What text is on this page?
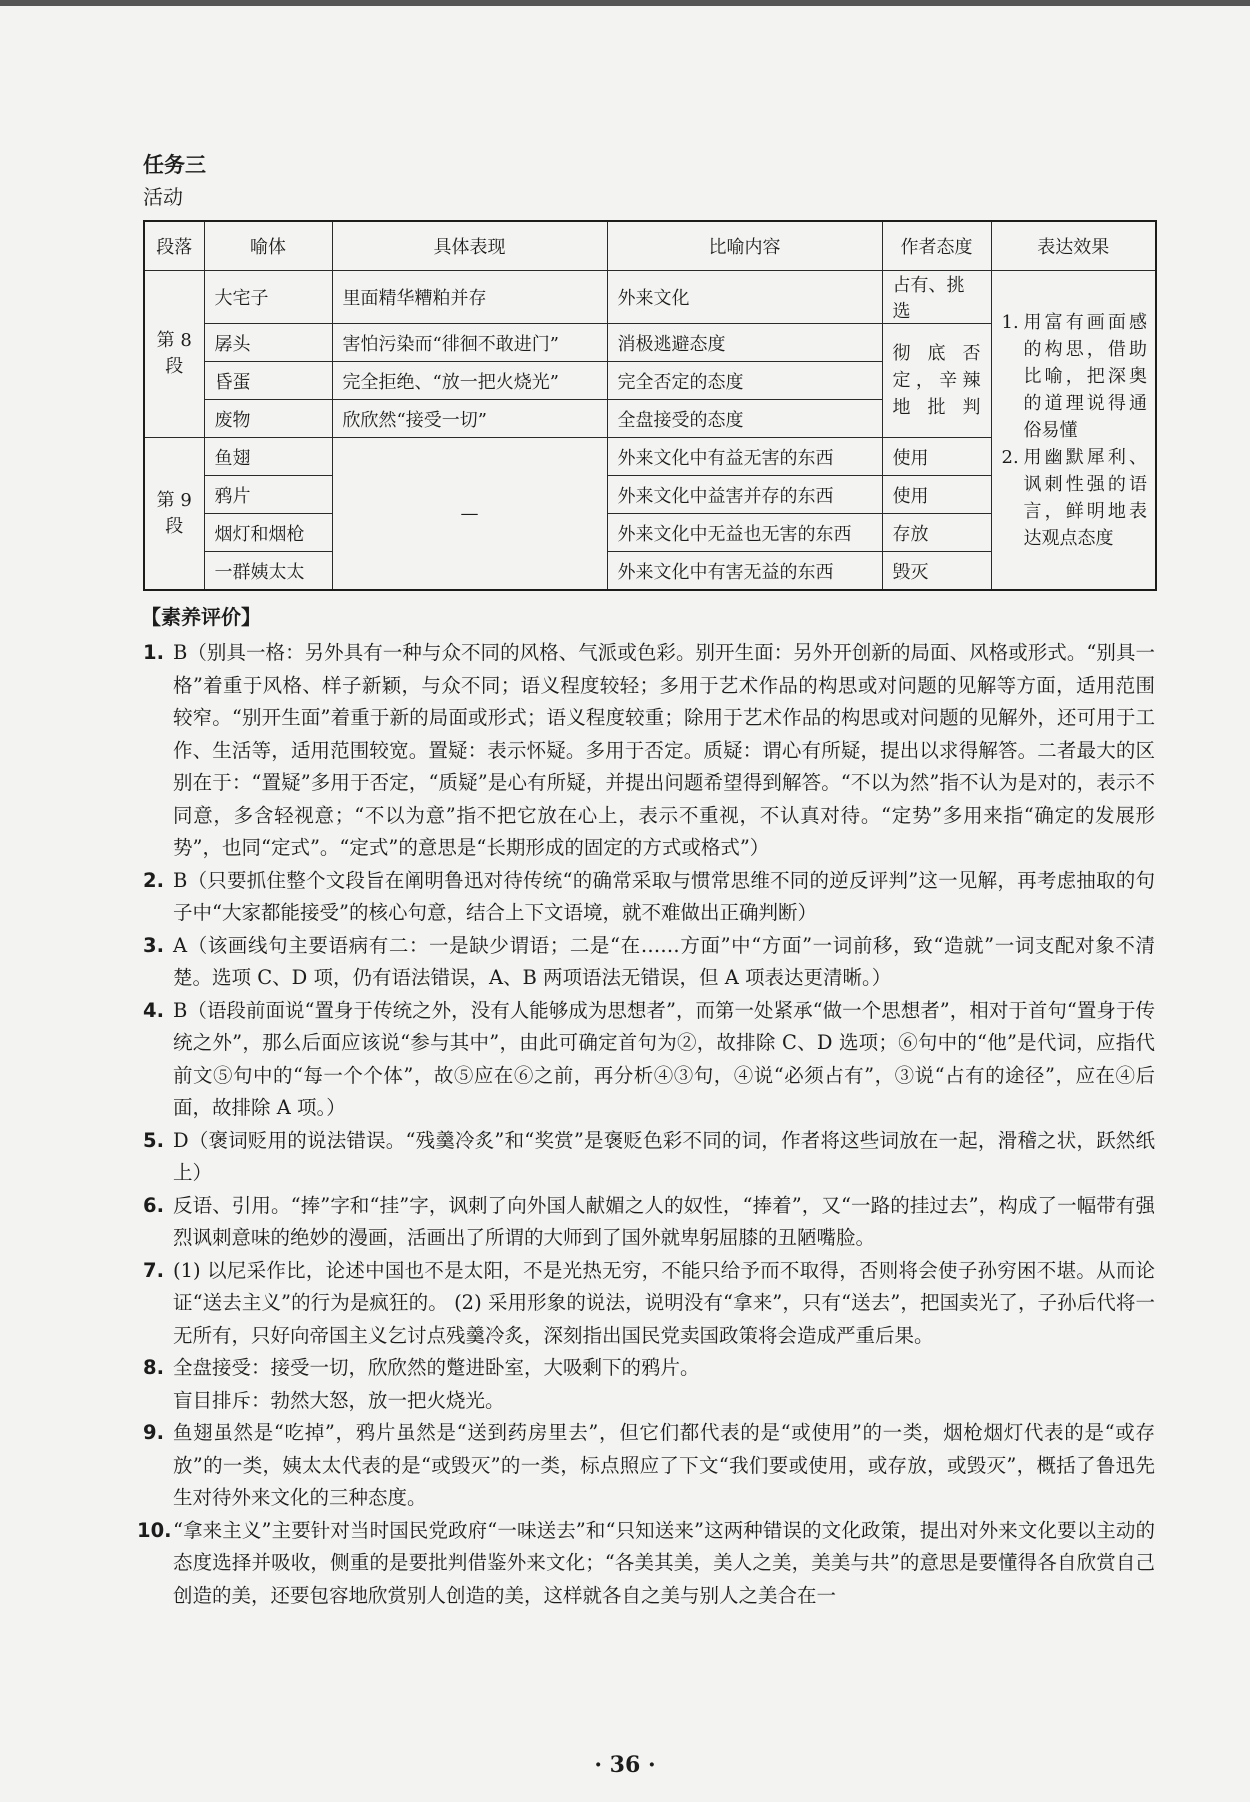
任务三

活动

段落	喻体	具体表现	比喻内容	作者态度	表达效果
第 8 段	大宅子	里面精华糟粕并存	外来文化	占有、挑选	1. 用富有画面感的构思，借助比喻，把深奥的道理说得通俗易懂
2. 用幽默犀利、讽刺性强的语言，鲜明地表达观点态度

	孱头	害怕污染而“徘徊不敢进门”	消极逃避态度	彻底否定，辛辣地批判	
	昏蛋	完全拒绝、“放一把火烧光”	完全否定的态度		
	废物	欣欣然“接受一切”	全盘接受的态度		
第 9 段	鱼翅	—	外来文化中有益无害的东西	使用	
	鸦片		外来文化中益害并存的东西	使用	
	烟灯和烟枪		外来文化中无益也无害的东西	存放	
	一群姨太太		外来文化中有害无益的东西	毁灭	
【素养评价】
1. B（别具一格：另外具有一种与众不同的风格、气派或色彩。别开生面：另外开创新的局面、风格或形式。“别具一格”着重于风格、样子新颖，与众不同；语义程度较轻；多用于艺术作品的构思或对问题的见解等方面，适用范围较窄。“别开生面”着重于新的局面或形式；语义程度较重；除用于艺术作品的构思或对问题的见解外，还可用于工作、生活等，适用范围较宽。置疑：表示怀疑。多用于否定。质疑：谓心有所疑，提出以求得解答。二者最大的区别在于：“置疑”多用于否定，“质疑”是心有所疑，并提出问题希望得到解答。“不以为然”指不认为是对的，表示不同意，多含轻视意；“不以为意”指不把它放在心上，表示不重视，不认真对待。“定势”多用来指“确定的发展形势”，也同“定式”。“定式”的意思是“长期形成的固定的方式或格式”）

2. B（只要抓住整个文段旨在阐明鲁迅对待传统“的确常采取与惯常思维不同的逆反评判”这一见解，再考虑抽取的句子中“大家都能接受”的核心句意，结合上下文语境，就不难做出正确判断）

3. A（该画线句主要语病有二：一是缺少谓语；二是“在……方面”中“方面”一词前移，致“造就”一词支配对象不清楚。选项 C、D 项，仍有语法错误，A、B 两项语法无错误，但 A 项表达更清晰。）

4. B（语段前面说“置身于传统之外，没有人能够成为思想者”，而第一处紧承“做一个思想者”，相对于首句“置身于传统之外”，那么后面应该说“参与其中”，由此可确定首句为②，故排除 C、D 选项；⑥句中的“他”是代词，应指代前文⑤句中的“每一个个体”，故⑤应在⑥之前，再分析④③句，④说“必须占有”，③说“占有的途径”，应在④后面，故排除 A 项。）

5. D（褒词贬用的说法错误。“残羹冷炙”和“奖赏”是褒贬色彩不同的词，作者将这些词放在一起，滑稽之状，跃然纸上）

6. 反语、引用。“捧”字和“挂”字，讽刺了向外国人献媚之人的奴性，“捧着”，又“一路的挂过去”，构成了一幅带有强烈讽刺意味的绝妙的漫画，活画出了所谓的大师到了国外就卑躬屈膝的丑陋嘴脸。

7. (1) 以尼采作比，论述中国也不是太阳，不是光热无穷，不能只给予而不取得，否则将会使子孙穷困不堪。从而论证“送去主义”的行为是疯狂的。 (2) 采用形象的说法，说明没有“拿来”，只有“送去”，把国卖光了，子孙后代将一无所有，只好向帝国主义乞讨点残羹冷炙，深刻指出国民党卖国政策将会造成严重后果。

8. 全盘接受：接受一切，欣欣然的蹩进卧室，大吸剩下的鸦片。

盲目排斥：勃然大怒，放一把火烧光。

9. 鱼翅虽然是“吃掉”，鸦片虽然是“送到药房里去”，但它们都代表的是“或使用”的一类，烟枪烟灯代表的是“或存放”的一类，姨太太代表的是“或毁灭”的一类，标点照应了下文“我们要或使用，或存放，或毁灭”，概括了鲁迅先生对待外来文化的三种态度。

10. “拿来主义”主要针对当时国民党政府“一味送去”和“只知送来”这两种错误的文化政策，提出对外来文化要以主动的态度选择并吸收，侧重的是要批判借鉴外来文化；“各美其美，美人之美，美美与共”的意思是要懂得各自欣赏自己创造的美，还要包容地欣赏别人创造的美，这样就各自之美与别人之美合在一

· 36 ·
